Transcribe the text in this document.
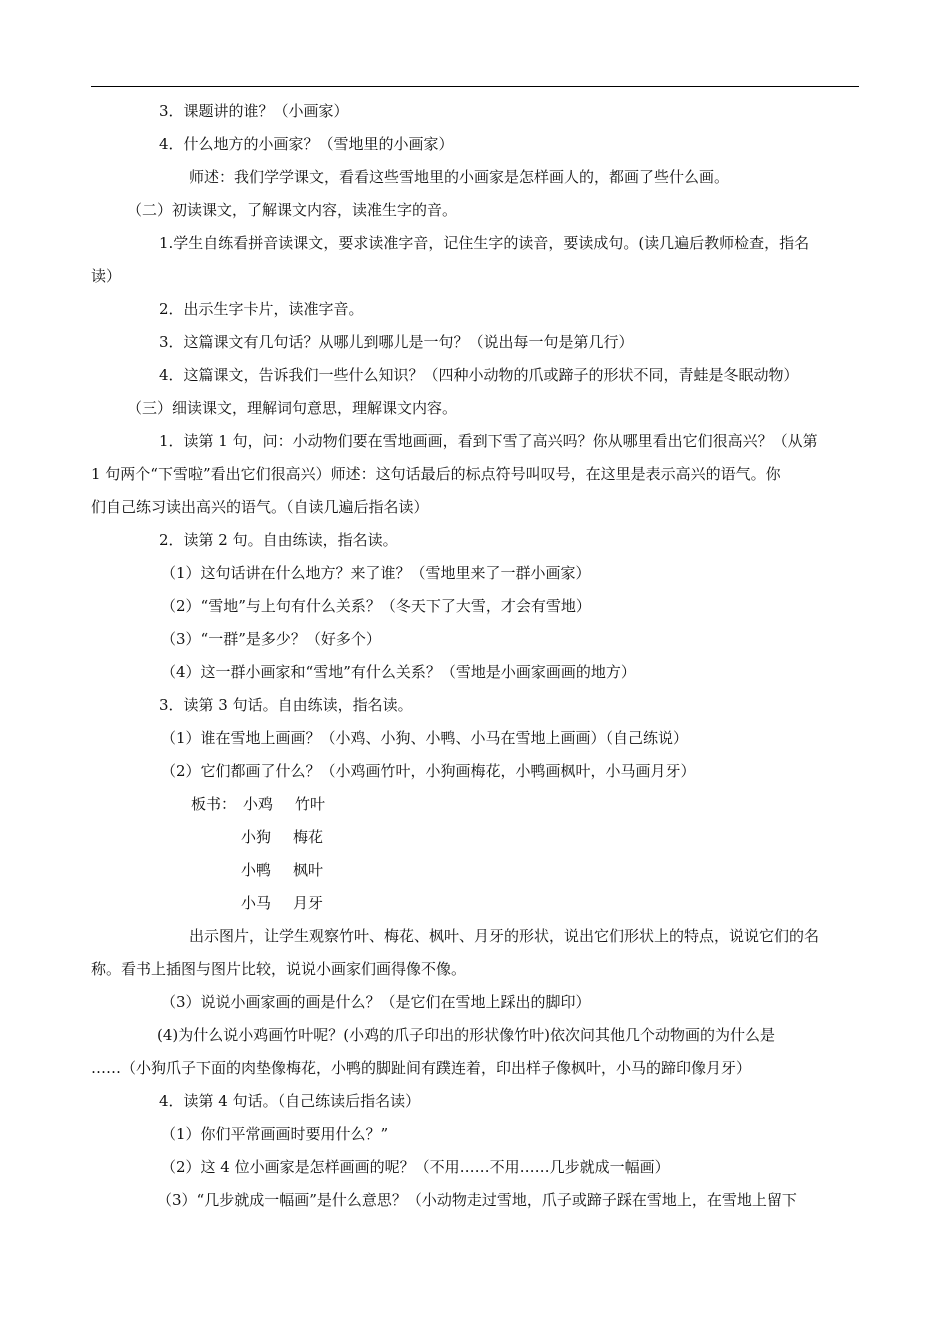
3．课题讲的谁？（小画家）
4．什么地方的小画家？（雪地里的小画家）
师述：我们学学课文，看看这些雪地里的小画家是怎样画人的，都画了些什么画。
（二）初读课文，了解课文内容，读准生字的音。
1.学生自练看拼音读课文，要求读准字音，记住生字的读音，要读成句。(读几遍后教师检查，指名
读）
2．出示生字卡片，读准字音。
3．这篇课文有几句话？从哪儿到哪儿是一句？（说出每一句是第几行）
4．这篇课文，告诉我们一些什么知识？（四种小动物的爪或蹄子的形状不同，青蛙是冬眠动物）
（三）细读课文，理解词句意思，理解课文内容。
1．读第 1 句，问：小动物们要在雪地画画，看到下雪了高兴吗？你从哪里看出它们很高兴？（从第
1 句两个“下雪啦”看出它们很高兴）师述：这句话最后的标点符号叫叹号，在这里是表示高兴的语气。你
们自己练习读出高兴的语气。（自读几遍后指名读）
2．读第 2 句。自由练读，指名读。
（1）这句话讲在什么地方？来了谁？（雪地里来了一群小画家）
（2）“雪地”与上句有什么关系？（冬天下了大雪，才会有雪地）
（3）“一群”是多少？（好多个）
（4）这一群小画家和“雪地”有什么关系？（雪地是小画家画画的地方）
3．读第 3 句话。自由练读，指名读。
（1）谁在雪地上画画？（小鸡、小狗、小鸭、小马在雪地上画画）（自己练说）
（2）它们都画了什么？（小鸡画竹叶，小狗画梅花，小鸭画枫叶，小马画月牙）
板书： 小鸡	竹叶
小狗	梅花
小鸭	枫叶
小马	月牙
出示图片，让学生观察竹叶、梅花、枫叶、月牙的形状，说出它们形状上的特点，说说它们的名
称。看书上插图与图片比较，说说小画家们画得像不像。
（3）说说小画家画的画是什么？（是它们在雪地上踩出的脚印）
(4)为什么说小鸡画竹叶呢？(小鸡的爪子印出的形状像竹叶)依次问其他几个动物画的为什么是
……（小狗爪子下面的肉垫像梅花，小鸭的脚趾间有蹼连着，印出样子像枫叶，小马的蹄印像月牙）
4．读第 4 句话。（自己练读后指名读）
（1）你们平常画画时要用什么？”
（2）这 4 位小画家是怎样画画的呢？（不用……不用……几步就成一幅画）
（3）“几步就成一幅画”是什么意思？（小动物走过雪地，爪子或蹄子踩在雪地上，在雪地上留下
